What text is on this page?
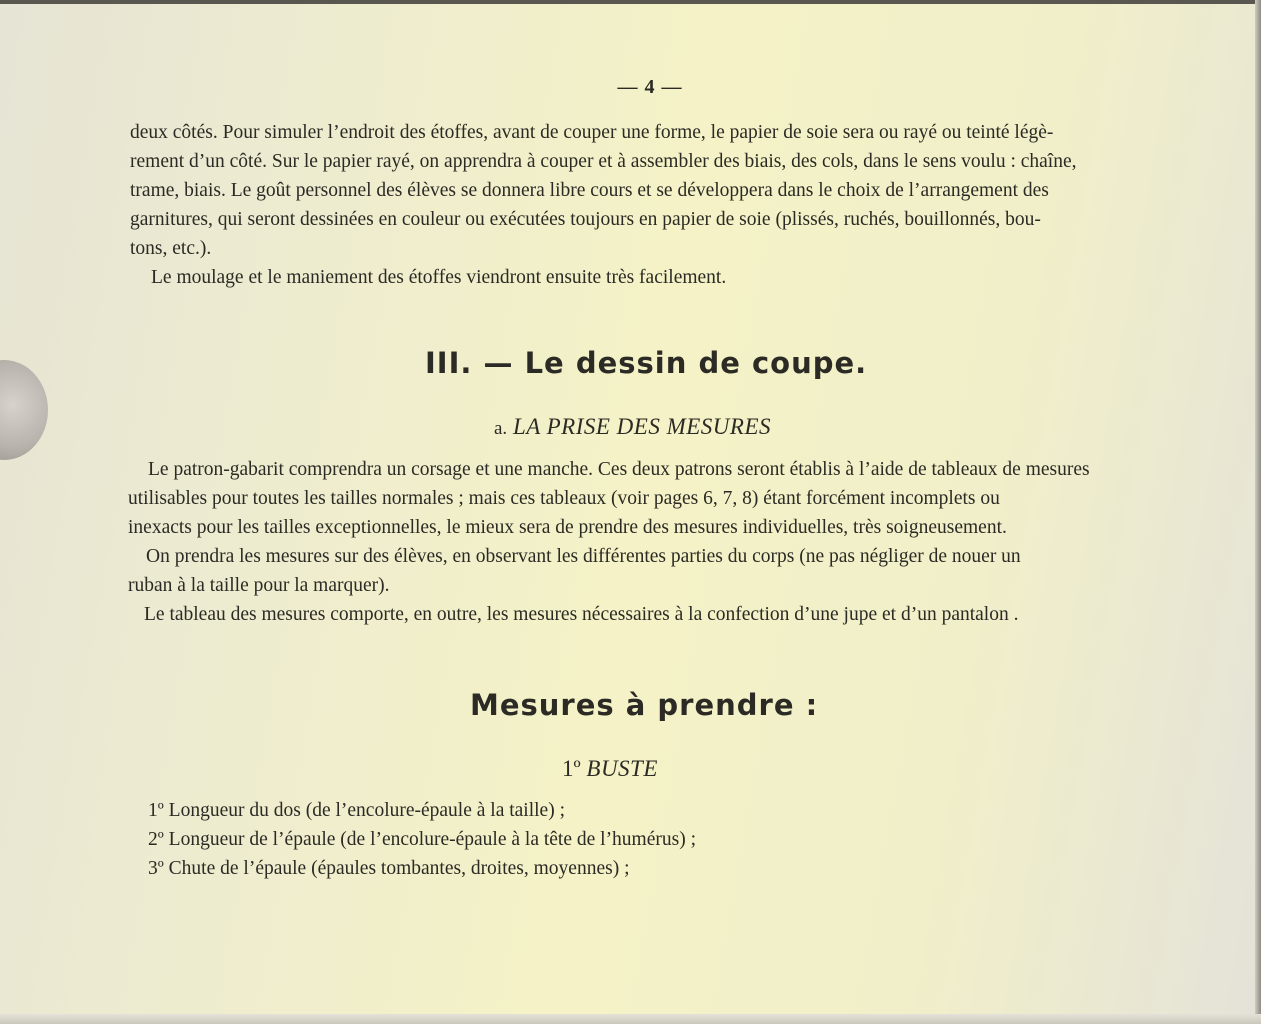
— 4 —
deux côtés. Pour simuler l’endroit des étoffes, avant de couper une forme, le papier de soie sera ou rayé ou teinté légè-
rement d’un côté. Sur le papier rayé, on apprendra à couper et à assembler des biais, des cols, dans le sens voulu : chaîne,
trame, biais. Le goût personnel des élèves se donnera libre cours et se développera dans le choix de l’arrangement des
garnitures, qui seront dessinées en couleur ou exécutées toujours en papier de soie (plissés, ruchés, bouillonnés, bou-
tons, etc.).
Le moulage et le maniement des étoffes viendront ensuite très facilement.
III. — Le dessin de coupe.
a. LA PRISE DES MESURES
Le patron-gabarit comprendra un corsage et une manche. Ces deux patrons seront établis à l’aide de tableaux de mesures
utilisables pour toutes les tailles normales ; mais ces tableaux (voir pages 6, 7, 8) étant forcément incomplets ou
inexacts pour les tailles exceptionnelles, le mieux sera de prendre des mesures individuelles, très soigneusement.
On prendra les mesures sur des élèves, en observant les différentes parties du corps (ne pas négliger de nouer un
ruban à la taille pour la marquer).
Le tableau des mesures comporte, en outre, les mesures nécessaires à la confection d’une jupe et d’un pantalon .
Mesures à prendre :
1º BUSTE
1º Longueur du dos (de l’encolure-épaule à la taille) ;
2º Longueur de l’épaule (de l’encolure-épaule à la tête de l’humérus) ;
3º Chute de l’épaule (épaules tombantes, droites, moyennes) ;
